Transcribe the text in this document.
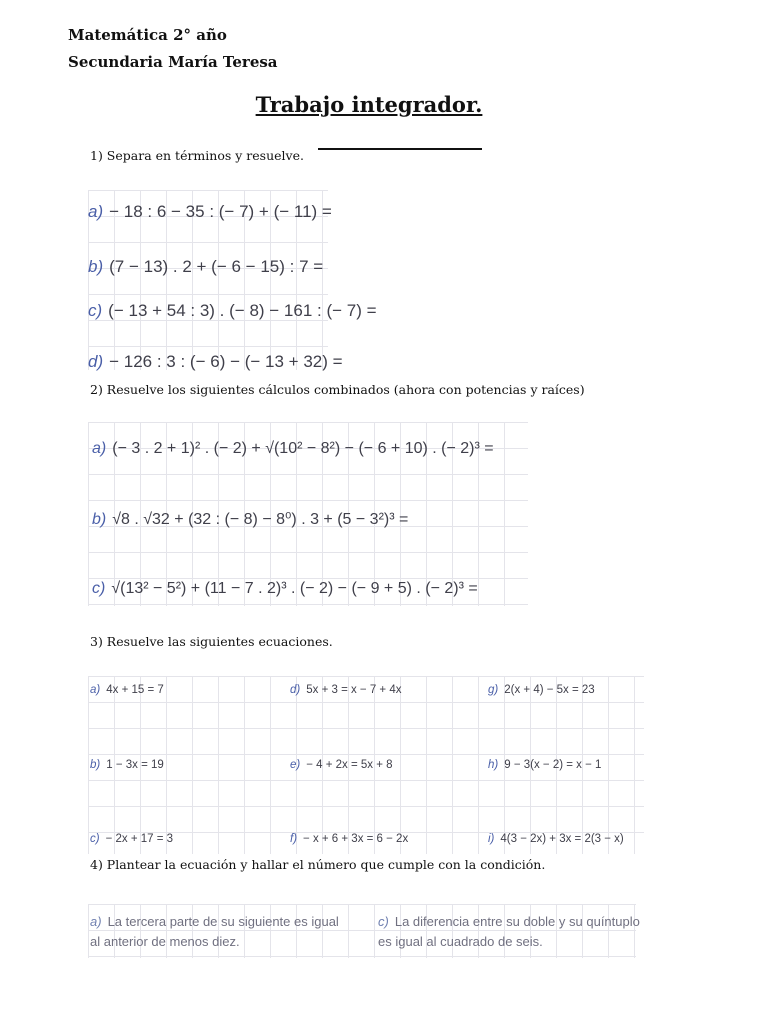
Matemática 2° año
Secundaria María Teresa
Trabajo integrador.
1) Separa en términos y resuelve.
a) − 18 : 6 − 35 : (− 7) + (− 11) =
b) (7 − 13) . 2 + (− 6 − 15) : 7 =
c) (− 13 + 54 : 3) . (− 8) − 161 : (− 7) =
d) − 126 : 3 : (− 6) − (− 13 + 32) =
2) Resuelve los siguientes cálculos combinados (ahora con potencias y raíces)
a) (− 3 . 2 + 1)² . (− 2) + √(10² − 8²) − (− 6 + 10) . (− 2)³ =
b) √8 . √32 + (32 : (− 8) − 8⁰) . 3 + (5 − 3²)³ =
c) √(13² − 5²) + (11 − 7 . 2)³ . (− 2) − (− 9 + 5) . (− 2)³ =
3) Resuelve las siguientes ecuaciones.
a) 4x + 15 = 7	d) 5x + 3 = x − 7 + 4x	g) 2(x + 4) − 5x = 23
b) 1 − 3x = 19	e) − 4 + 2x = 5x + 8	h) 9 − 3(x − 2) = x − 1
c) − 2x + 17 = 3	f) − x + 6 + 3x = 6 − 2x	i) 4(3 − 2x) + 3x = 2(3 − x)
4) Plantear la ecuación y hallar el número que cumple con la condición.
a) La tercera parte de su siguiente es igual al anterior de menos diez.
c) La diferencia entre su doble y su quíntuplo es igual al cuadrado de seis.
